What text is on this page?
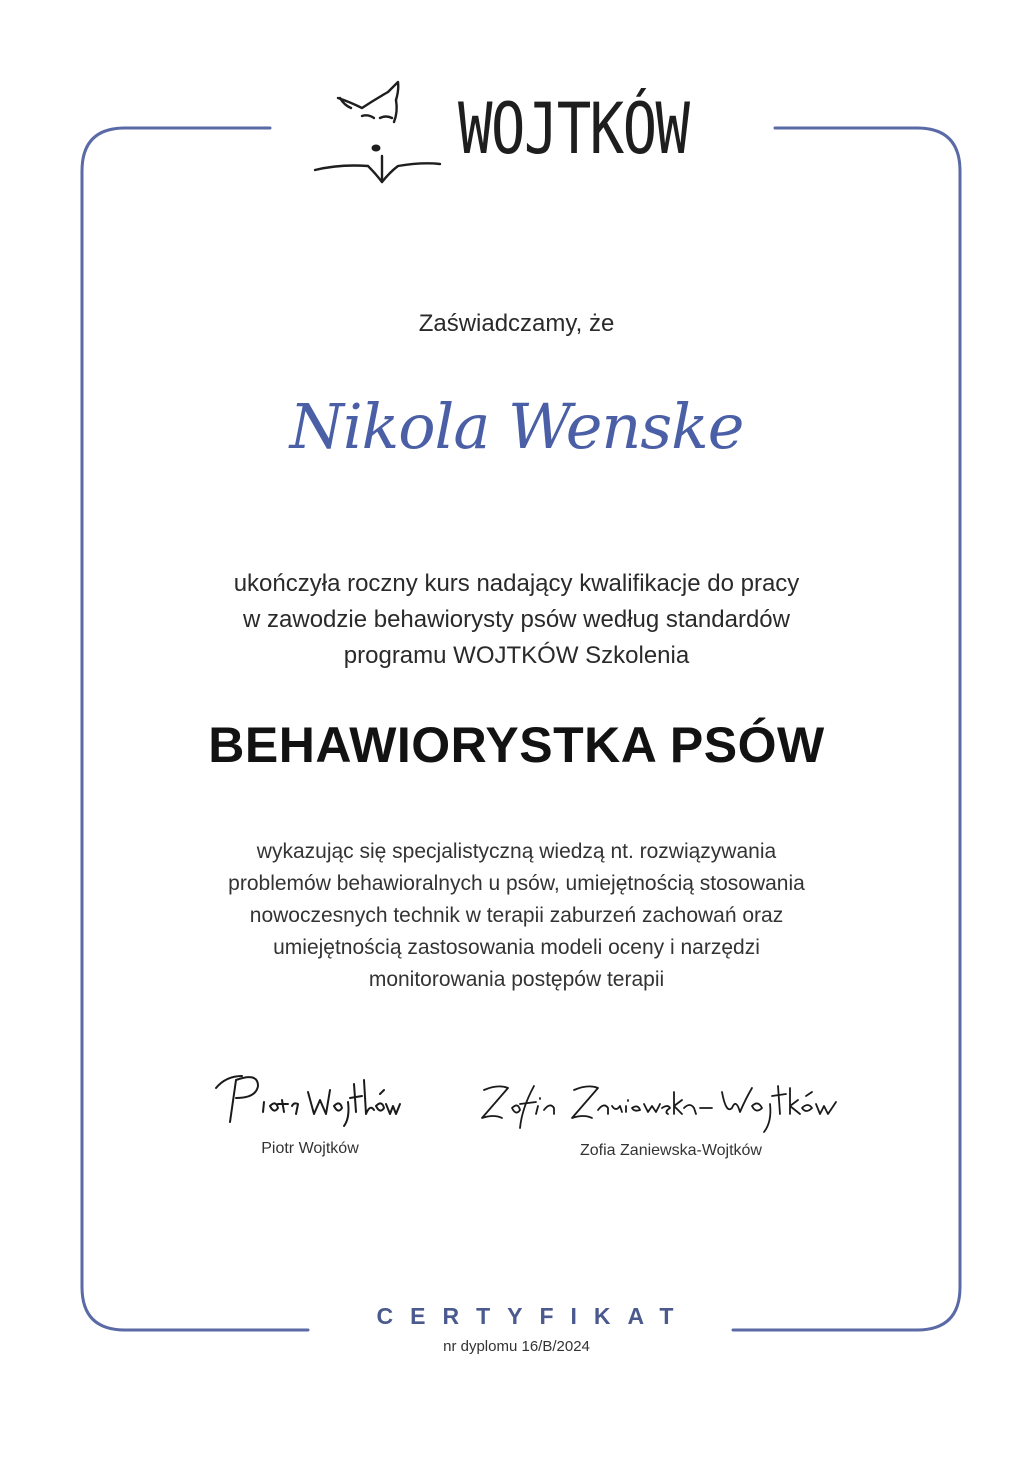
WOJTKÓW
Zaświadczamy, że
Nikola Wenske
ukończyła roczny kurs nadający kwalifikacje do pracy
w zawodzie behawiorysty psów według standardów
programu WOJTKÓW Szkolenia
BEHAWIORYSTKA PSÓW
wykazując się specjalistyczną wiedzą nt. rozwiązywania
problemów behawioralnych u psów, umiejętnością stosowania
nowoczesnych technik w terapii zaburzeń zachowań oraz
umiejętnością zastosowania modeli oceny i narzędzi
monitorowania postępów terapii
Piotr Wojtków	Zofia Zaniewska-Wojtków
CERTYFIKAT
nr dyplomu 16/B/2024
